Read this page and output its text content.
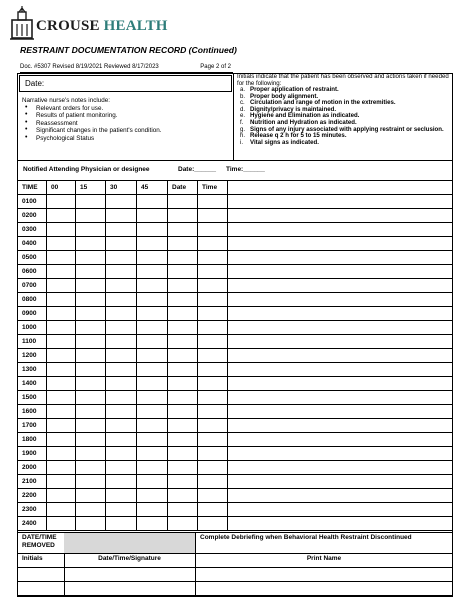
CROUSE HEALTH
RESTRAINT DOCUMENTATION RECORD (Continued)
Doc. #5307 Revised 8/19/2021 Reviewed 8/17/2023	Page 2 of 2
Date:
Narrative nurse's notes include:
• Relevant orders for use.
• Results of patient monitoring.
• Reassessment
• Significant changes in the patient's condition.
• Psychological Status
Initials indicate that the patient has been observed and actions taken if needed for the following:
a. Proper application of restraint.
b. Proper body alignment.
c. Circulation and range of motion in the extremities.
d. Dignity/privacy is maintained.
e. Hygiene and Elimination as indicated.
f.	Nutrition and Hydration as indicated.
g. Signs of any injury associated with applying restraint or seclusion.
h. Release q 2 h for 5 to 15 minutes.
i.	Vital signs as indicated.
Notified Attending Physician or designee	Date:______ Time:______
TIME	00	15	30	45	Date	Time	
0100							
0200							
0300							
0400							
0500							
0600							
0700							
0800							
0900							
1000							
1100							
1200							
1300							
1400							
1500							
1600							
1700							
1800							
1900							
2000							
2100							
2200							
2300							
2400							
DATE/TIME REMOVED	Complete Debriefing when Behavioral Health Restraint Discontinued

Initials Date/Time/Signature	Print Name
